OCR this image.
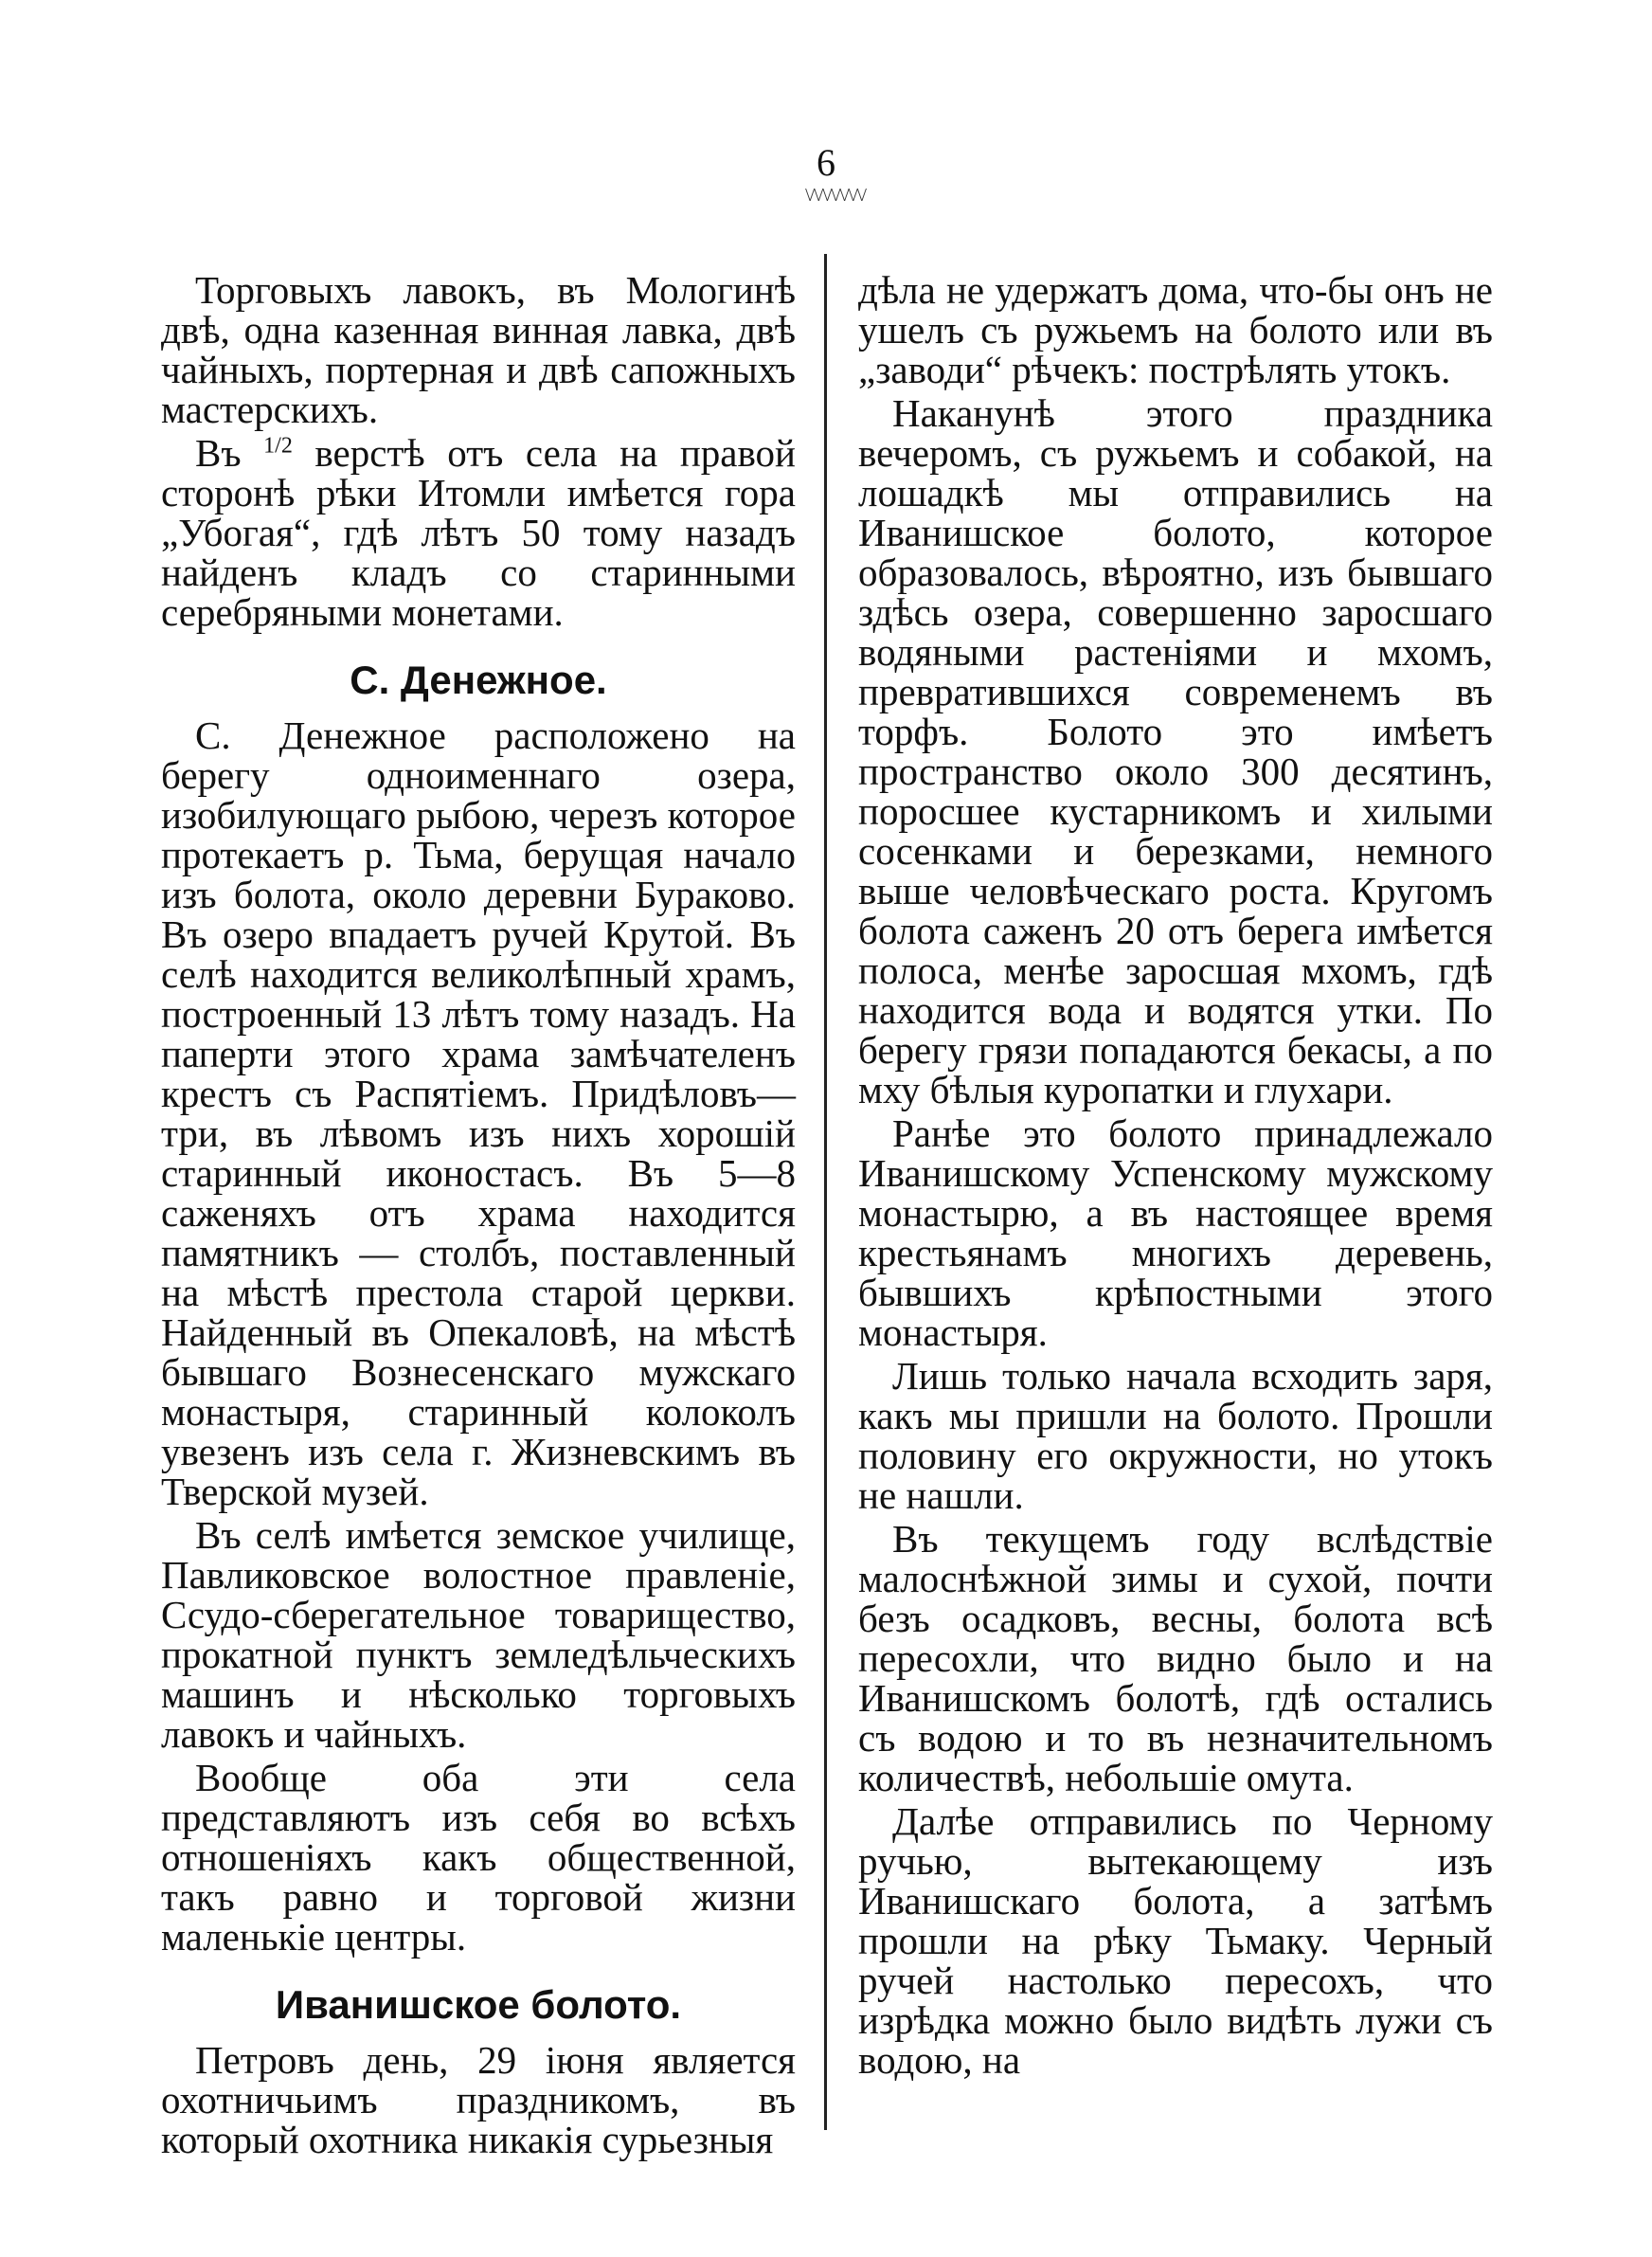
6
\/\/\/\/\/\/\/

Торговыхъ лавокъ, въ Мологинѣ двѣ, одна казенная винная лавка, двѣ чайныхъ, портерная и двѣ сапожныхъ мастерскихъ.

Въ $^{1/2}$ верстѣ отъ села на правой сторонѣ рѣки Итомли имѣется гора „Убогая“, гдѣ лѣтъ 50 тому назадъ найденъ кладъ со старинными серебряными монетами.

С. Денежное.

С. Денежное расположено на берегу одноименнаго озера, изобилующаго рыбою, черезъ которое протекаетъ р. Тьма, берущая начало изъ болота, около деревни Бураково. Въ озеро впадаетъ ручей Крутой. Въ селѣ находится великолѣпный храмъ, построенный 13 лѣтъ тому назадъ. На паперти этого храма замѣчателенъ крестъ съ Распятіемъ. Придѣловъ—три, въ лѣвомъ изъ нихъ хорошій старинный иконостасъ. Въ 5—8 саженяхъ отъ храма находится памятникъ — столбъ, поставленный на мѣстѣ престола старой церкви. Найденный въ Опекаловѣ, на мѣстѣ бывшаго Вознесенскаго мужскаго монастыря, старинный колоколъ увезенъ изъ села г. Жизневскимъ въ Тверской музей.

Въ селѣ имѣется земское училище, Павликовское волостное правленіе, Ссудо-сберегательное товарищество, прокатной пунктъ земледѣльческихъ машинъ и нѣсколько торговыхъ лавокъ и чайныхъ.

Вообще оба эти села представляютъ изъ себя во всѣхъ отношеніяхъ какъ общественной, такъ равно и торговой жизни маленькіе центры.

Иванишское болото.

Петровъ день, 29 іюня является охотничьимъ праздникомъ, въ который охотника никакія сурьезныя

дѣла не удержатъ дома, что-бы онъ не ушелъ съ ружьемъ на болото или въ „заводи“ рѣчекъ: пострѣлять утокъ.

Наканунѣ этого праздника вечеромъ, съ ружьемъ и собакой, на лошадкѣ мы отправились на Иванишское болото, которое образовалось, вѣроятно, изъ бывшаго здѣсь озера, совершенно заросшаго водяными растеніями и мхомъ, превратившихся современемъ въ торфъ. Болото это имѣетъ пространство около 300 десятинъ, поросшее кустарникомъ и хилыми сосенками и березками, немного выше человѣческаго роста. Кругомъ болота саженъ 20 отъ берега имѣется полоса, менѣе заросшая мхомъ, гдѣ находится вода и водятся утки. По берегу грязи попадаются бекасы, а по мху бѣлыя куропатки и глухари.

Ранѣе это болото принадлежало Иванишскому Успенскому мужскому монастырю, а въ настоящее время крестьянамъ многихъ деревень, бывшихъ крѣпостными этого монастыря.

Лишь только начала всходить заря, какъ мы пришли на болото. Прошли половину его окружности, но утокъ не нашли.

Въ текущемъ году вслѣдствіе малоснѣжной зимы и сухой, почти безъ осадковъ, весны, болота всѣ пересохли, что видно было и на Иванишскомъ болотѣ, гдѣ остались съ водою и то въ незначительномъ количествѣ, небольшіе омута.

Далѣе отправились по Черному ручью, вытекающему изъ Иванишскаго болота, а затѣмъ прошли на рѣку Тьмаку. Черный ручей настолько пересохъ, что изрѣдка можно было видѣть лужи съ водою, на
